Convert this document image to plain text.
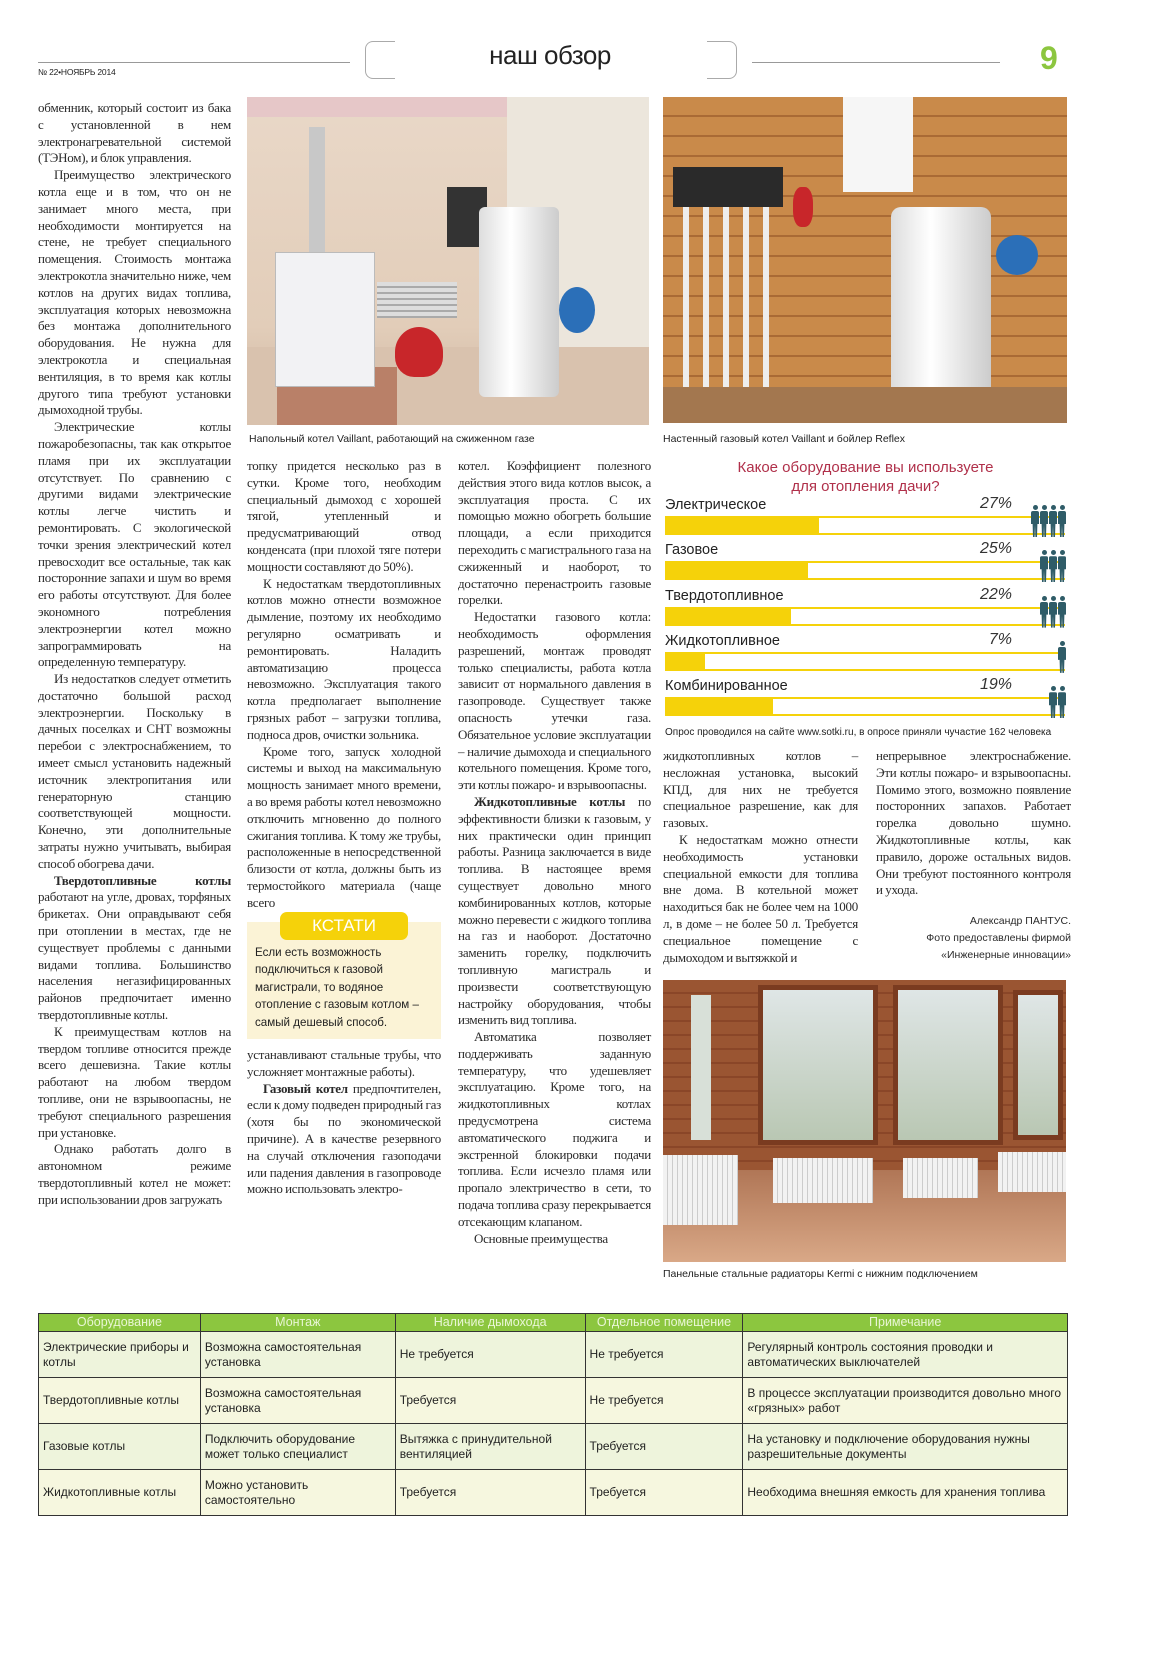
№ 22•НОЯБРЬ 2014
наш обзор	9
Напольный котел Vaillant, работающий на сжиженном газе	Настенный газовый котел Vaillant и бойлер Reflex

обменник, который состоит из бака с установленной в нем электронагревательной системой (ТЭНом), и блок управления.

Преимущество электрического котла еще и в том, что он не занимает много места, при необходимости монтируется на стене, не требует специального помещения. Стоимость монтажа электрокотла значительно ниже, чем котлов на других видах топлива, эксплуатация которых невозможна без монтажа дополнительного оборудования. Не нужна для электрокотла и специальная вентиляция, в то время как котлы другого типа требуют установки дымоходной трубы.

Электрические котлы пожаробезопасны, так как открытое пламя при их эксплуатации отсутствует. По сравнению с другими видами электрические котлы легче чистить и ремонтировать. С экологической точки зрения электрический котел превосходит все остальные, так как посторонние запахи и шум во время его работы отсутствуют. Для более экономного потребления электроэнергии котел можно запрограммировать на определенную температуру.

Из недостатков следует отметить достаточно большой расход электроэнергии. Поскольку в дачных поселках и СНТ возможны перебои с электроснабжением, то имеет смысл установить надежный источник электропитания или генераторную станцию соответствующей мощности. Конечно, эти дополнительные затраты нужно учитывать, выбирая способ обогрева дачи.

Твердотопливные котлы работают на угле, дровах, торфяных брикетах. Они оправдывают себя при отоплении в местах, где не существует проблемы с данными видами топлива. Большинство населения негазифицированных районов предпочитает именно твердотопливные котлы.

К преимуществам котлов на твердом топливе относится прежде всего дешевизна. Такие котлы работают на любом твердом топливе, они не взрывоопасны, не требуют специального разрешения при установке.

Однако работать долго в автономном режиме твердотопливный котел не может: при использовании дров загружать

топку придется несколько раз в сутки. Кроме того, необходим специальный дымоход с хорошей тягой, утепленный и предусматривающий отвод конденсата (при плохой тяге потери мощности составляют до 50%).

К недостаткам твердотопливных котлов можно отнести возможное дымление, поэтому их необходимо регулярно осматривать и ремонтировать. Наладить автоматизацию процесса невозможно. Эксплуатация такого котла предполагает выполнение грязных работ – загрузки топлива, подноса дров, очистки зольника.

Кроме того, запуск холодной системы и выход на максимальную мощность занимает много времени, а во время работы котел невозможно отключить мгновенно до полного сжигания топлива. К тому же трубы, расположенные в непосредственной близости от котла, должны быть из термостойкого материала (чаще всего

КСТАТИ
Если есть возможность подключиться к газовой магистрали, то водяное отопление с газовым котлом – самый дешевый способ.

устанавливают стальные трубы, что усложняет монтажные работы).

Газовый котел предпочтителен, если к дому подведен природный газ (хотя бы по экономической причине). А в качестве резервного на случай отключения газоподачи или падения давления в газопроводе можно использовать электро-

котел. Коэффициент полезного действия этого вида котлов высок, а эксплуатация проста. С их помощью можно обогреть большие площади, а если приходится переходить с магистрального газа на сжиженный и наоборот, то достаточно перенастроить газовые горелки.

Недостатки газового котла: необходимость оформления разрешений, монтаж проводят только специалисты, работа котла зависит от нормального давления в газопроводе. Существует также опасность утечки газа. Обязательное условие эксплуатации – наличие дымохода и специального котельного помещения. Кроме того, эти котлы пожаро- и взрывоопасны.

Жидкотопливные котлы по эффективности близки к газовым, у них практически один принцип работы. Разница заключается в виде топлива. В настоящее время существует довольно много комбинированных котлов, которые можно перевести с жидкого топлива на газ и наоборот. Достаточно заменить горелку, подключить топливную магистраль и произвести соответствующую настройку оборудования, чтобы изменить вид топлива.

Автоматика позволяет поддерживать заданную температуру, что удешевляет эксплуатацию. Кроме того, на жидкотопливных котлах предусмотрена система автоматического поджига и экстренной блокировки подачи топлива. Если исчезло пламя или пропало электричество в сети, то подача топлива сразу перекрывается отсекающим клапаном.

Основные преимущества

Какое оборудование вы используете
для отопления дачи?
Электрическое	27%
Газовое	25%
Твердотопливное	22%
Жидкотопливное	7%
Комбинированное	19%
Опрос проводился на сайте www.sotki.ru, в опросе приняли чучастие 162 человека

жидкотопливных котлов – несложная установка, высокий КПД, для них не требуется специальное разрешение, как для газовых.

К недостаткам можно отнести необходимость установки специальной емкости для топлива вне дома. В котельной может находиться бак не более чем на 1000 л, в доме – не более 50 л. Требуется специальное помещение с дымоходом и вытяжкой и

непрерывное электроснабжение. Эти котлы пожаро- и взрывоопасны. Помимо этого, возможно появление посторонних запахов. Работает горелка довольно шумно. Жидкотопливные котлы, как правило, дороже остальных видов. Они требуют постоянного контроля и ухода.

Александр ПАНТУС.
Фото предоставлены фирмой
«Инженерные инновации»
Панельные стальные радиаторы Kermi с нижним подключением
Оборудование	Монтаж	Наличие дымохода	Отдельное помещение	Примечание
Электрические приборы и котлы	Возможна самостоятельная установка	Не требуется	Не требуется	Регулярный контроль состояния проводки и автоматических выключателей
Твердотопливные котлы	Возможна самостоятельная установка	Требуется	Не требуется	В процессе эксплуатации производится довольно много «грязных» работ
Газовые котлы	Подключить оборудование может только специалист	Вытяжка с принудительной вентиляцией	Требуется	На установку и подключение оборудования нужны разрешительные документы
Жидкотопливные котлы	Можно установить самостоятельно	Требуется	Требуется	Необходима внешняя емкость для хранения топлива
